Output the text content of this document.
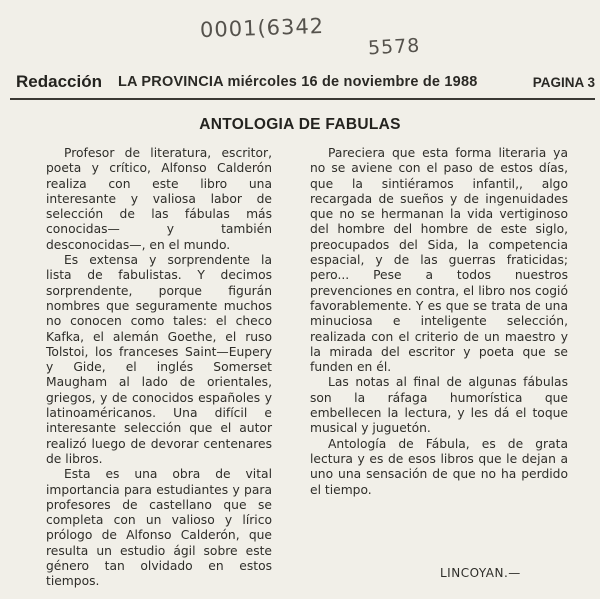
0001(6342
5578
Redacción LA PROVINCIA miércoles 16 de noviembre de 1988	PAGINA 3
ANTOLOGIA DE FABULAS

Profesor de literatura, escritor, poeta y crítico, Alfonso Calderón realiza con este libro una interesante y valiosa labor de selección de las fábulas más conocidas— y también desconocidas—, en el mundo.

Es extensa y sorprendente la lista de fabulistas. Y decimos sorprendente, porque figurán nombres que seguramente muchos no conocen como tales: el checo Kafka, el alemán Goethe, el ruso Tolstoi, los franceses Saint—Eupery y Gide, el inglés Somerset Maugham al lado de orientales, griegos, y de conocidos españoles y latinoaméricanos. Una difícil e interesante selección que el autor realizó luego de devorar centenares de libros.

Esta es una obra de vital importancia para estudiantes y para profesores de castellano que se completa con un valioso y lírico prólogo de Alfonso Calderón, que resulta un estudio ágil sobre este género tan olvidado en estos tiempos.

Pareciera que esta forma literaria ya no se aviene con el paso de estos días, que la sintiéramos infantil,, algo recargada de sueños y de ingenuidades que no se hermanan la vida vertiginoso del hombre del hombre de este siglo, preocupados del Sida, la competencia espacial, y de las guerras fraticidas; pero... Pese a todos nuestros prevenciones en contra, el libro nos cogió favorablemente. Y es que se trata de una minuciosa e inteligente selección, realizada con el criterio de un maestro y la mirada del escritor y poeta que se funden en él.

Las notas al final de algunas fábulas son la ráfaga humorística que embellecen la lectura, y les dá el toque musical y juguetón.

Antología de Fábula, es de grata lectura y es de esos libros que le dejan a uno una sensación de que no ha perdido el tiempo.

LINCOYAN.—
